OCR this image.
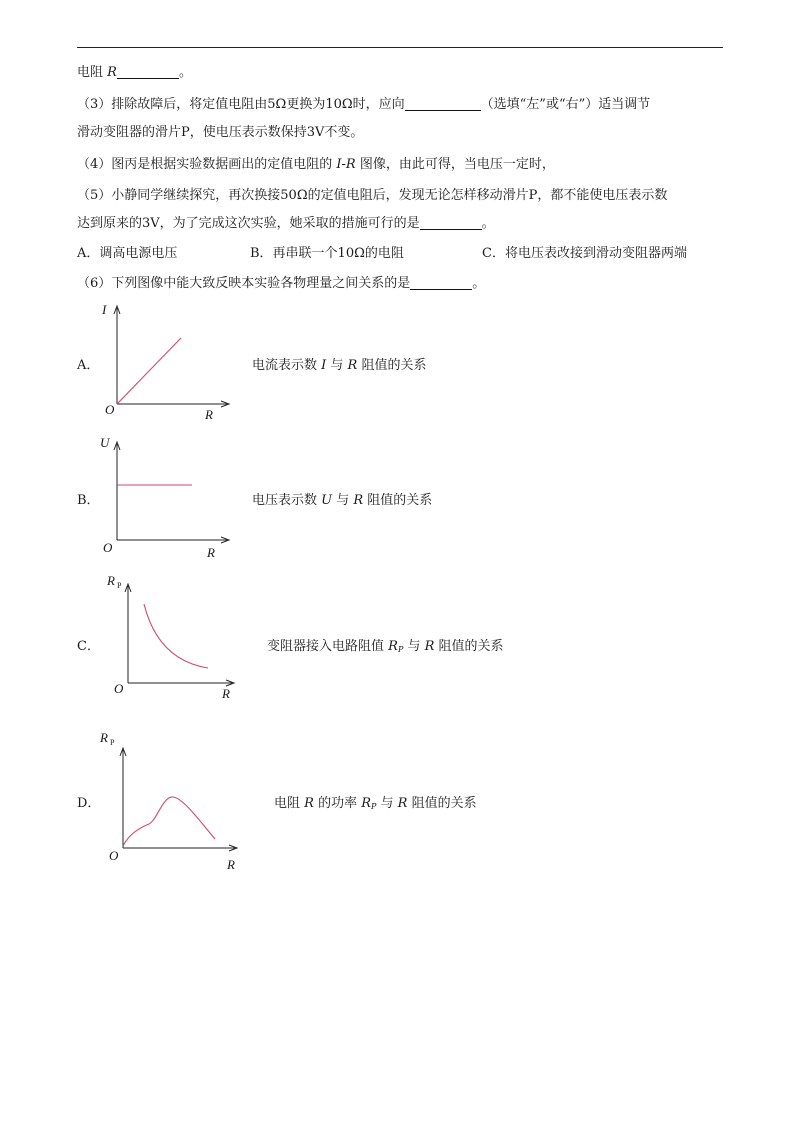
电阻 R	。
（3）排除故障后，将定值电阻由5Ω更换为10Ω时，应向	（选填“左”或“右”）适当调节
滑动变阻器的滑片P，使电压表示数保持3V不变。
（4）图丙是根据实验数据画出的定值电阻的 I-R 图像，由此可得，当电压一定时，
（5）小静同学继续探究，再次换接50Ω的定值电阻后，发现无论怎样移动滑片P，都不能使电压表示数
达到原来的3V，为了完成这次实验，她采取的措施可行的是	。
A．调高电源电压	B．再串联一个10Ω的电阻	C．将电压表改接到滑动变阻器两端
（6）下列图像中能大致反映本实验各物理量之间关系的是	。
A．
I
O	R
电流表示数 I 与 R 阻值的关系
B．
U
O	R
电压表示数 U 与 R 阻值的关系
C．
R P
O	R
变阻器接入电路阻值 $R_P$ 与 R 阻值的关系
D．
R P
O
R
电阻 R 的功率 $R_P$ 与 R 阻值的关系
